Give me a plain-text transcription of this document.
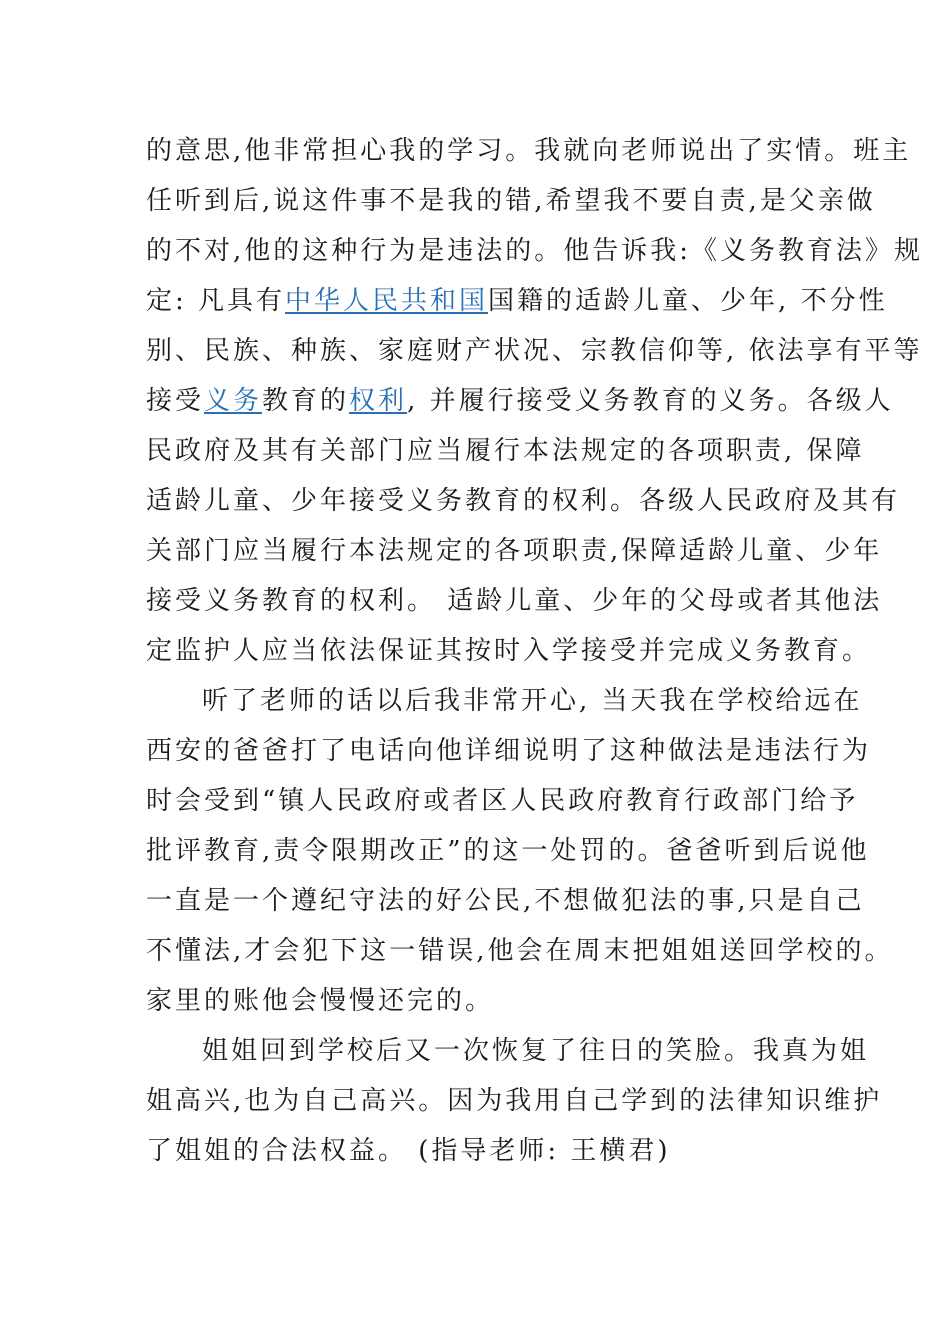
的意思,他非常担心我的学习。我就向老师说出了实情。班主
任听到后,说这件事不是我的错,希望我不要自责,是父亲做
的不对,他的这种行为是违法的。他告诉我:《义务教育法》规
定: 凡具有中华人民共和国国籍的适龄儿童、少年, 不分性
别、民族、种族、家庭财产状况、宗教信仰等, 依法享有平等
接受义务教育的权利, 并履行接受义务教育的义务。各级人
民政府及其有关部门应当履行本法规定的各项职责, 保障
适龄儿童、少年接受义务教育的权利。各级人民政府及其有
关部门应当履行本法规定的各项职责,保障适龄儿童、少年
接受义务教育的权利。 适龄儿童、少年的父母或者其他法
定监护人应当依法保证其按时入学接受并完成义务教育。
听了老师的话以后我非常开心, 当天我在学校给远在
西安的爸爸打了电话向他详细说明了这种做法是违法行为
时会受到“镇人民政府或者区人民政府教育行政部门给予
批评教育,责令限期改正”的这一处罚的。爸爸听到后说他
一直是一个遵纪守法的好公民,不想做犯法的事,只是自己
不懂法,才会犯下这一错误,他会在周末把姐姐送回学校的。
家里的账他会慢慢还完的。
姐姐回到学校后又一次恢复了往日的笑脸。我真为姐
姐高兴,也为自己高兴。因为我用自己学到的法律知识维护
了姐姐的合法权益。 (指导老师: 王横君)
